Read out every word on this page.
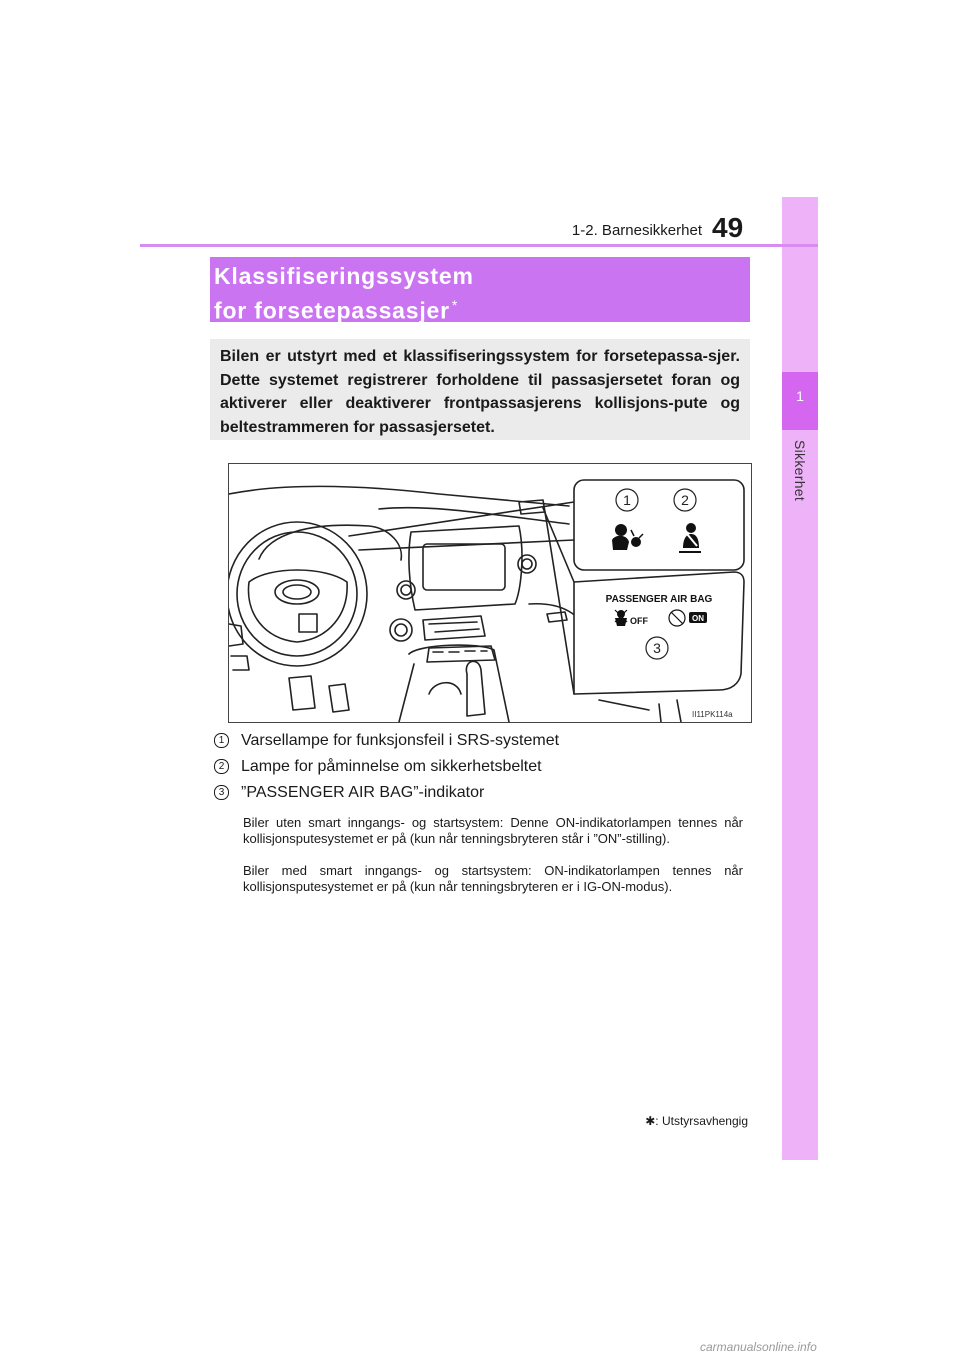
1
Sikkerhet
1-2. Barnesikkerhet 49
Klassifiseringssystem
for forsetepassasjer *
Bilen er utstyrt med et klassifiseringssystem for forsetepassa-sjer. Dette systemet registrerer forholdene til passasjersetet foran og aktiverer eller deaktiverer frontpassasjerens kollisjons-pute og beltestrammeren for passasjersetet.
1	2
3
PASSENGER AIR BAG
OFF	ON
II11PK114a
1 Varsellampe for funksjonsfeil i SRS-systemet
2 Lampe for påminnelse om sikkerhetsbeltet
3 ”PASSENGER AIR BAG”-indikator
Biler uten smart inngangs- og startsystem: Denne ON-indikatorlampen tennes når kollisjonsputesystemet er på (kun når tenningsbryteren står i ”ON”-stilling).
Biler med smart inngangs- og startsystem: ON-indikatorlampen tennes når kollisjonsputesystemet er på (kun når tenningsbryteren er i IG-ON-modus).
✱: Utstyrsavhengig
carmanualsonline.info
